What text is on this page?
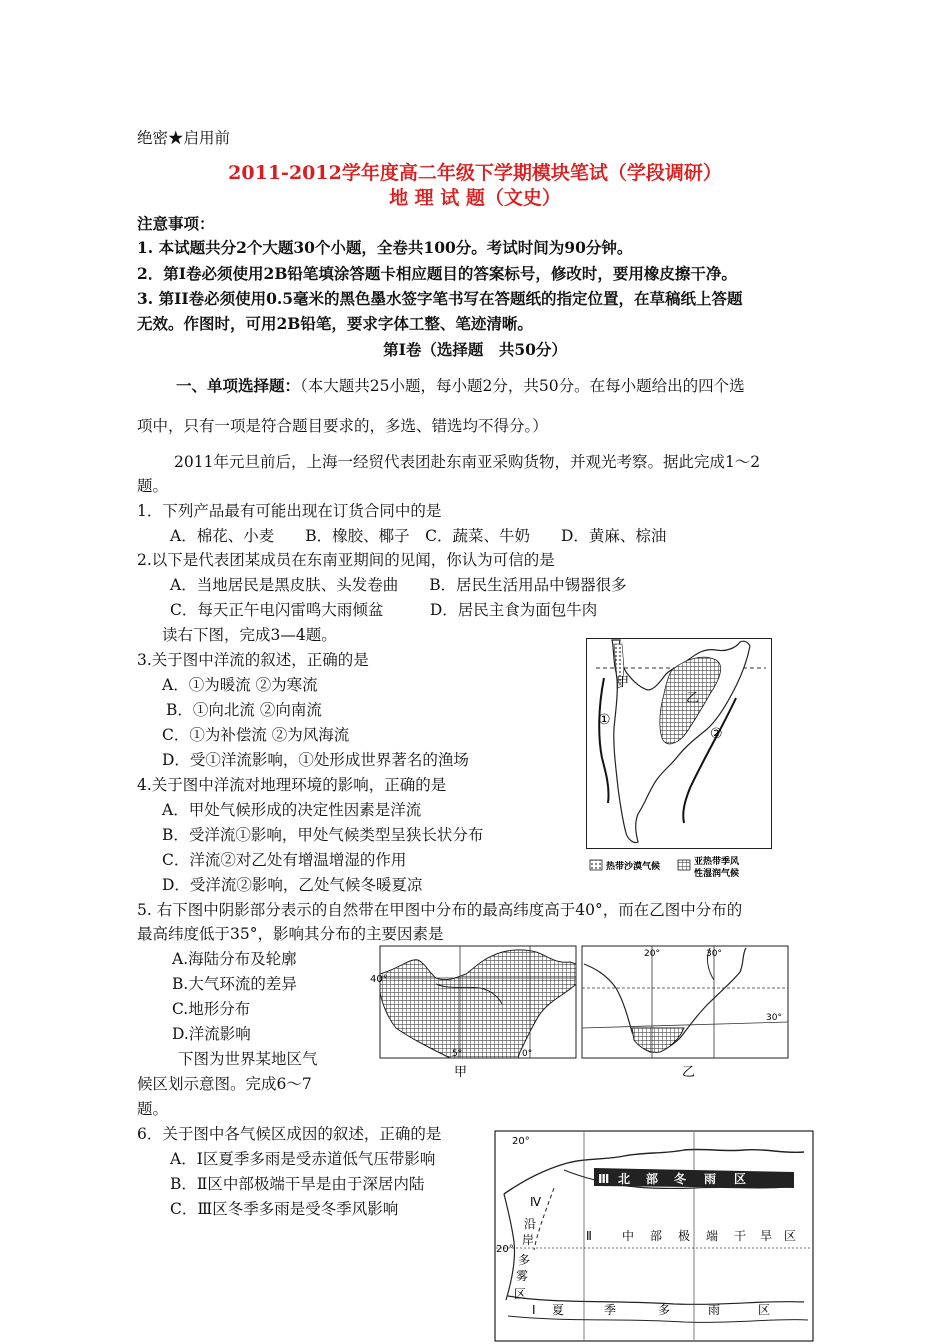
绝密★启用前
2011-2012学年度高二年级下学期模块笔试（学段调研）
地 理 试 题（文史）
注意事项：
1. 本试题共分2个大题30个小题，全卷共100分。考试时间为90分钟。
2．第Ⅰ卷必须使用2B铅笔填涂答题卡相应题目的答案标号，修改时，要用橡皮擦干净。
3. 第II卷必须使用0.5毫米的黑色墨水签字笔书写在答题纸的指定位置，在草稿纸上答题
无效。作图时，可用2B铅笔，要求字体工整、笔迹清晰。
第Ⅰ卷（选择题　共50分）
一、单项选择题：（本大题共25小题，每小题2分，共50分。在每小题给出的四个选
项中，只有一项是符合题目要求的，多选、错选均不得分。）
2011年元旦前后，上海一经贸代表团赴东南亚采购货物，并观光考察。据此完成1～2
题。
1．下列产品最有可能出现在订货合同中的是
A．棉花、小麦　　B．橡胶、椰子　C．蔬菜、牛奶　　D．黄麻、棕油
2.以下是代表团某成员在东南亚期间的见闻，你认为可信的是
A．当地居民是黑皮肤、头发卷曲　　B．居民生活用品中锡器很多
C．每天正午电闪雷鸣大雨倾盆　　　D．居民主食为面包牛肉
读右下图，完成3—4题。
3.关于图中洋流的叙述，正确的是
A．①为暖流 ②为寒流
B．①向北流 ②向南流
C．①为补偿流 ②为风海流
D．受①洋流影响，①处形成世界著名的渔场
4.关于图中洋流对地理环境的影响，正确的是
A．甲处气候形成的决定性因素是洋流
B．受洋流①影响，甲处气候类型呈狭长状分布
C．洋流②对乙处有增温增湿的作用
D．受洋流②影响，乙处气候冬暖夏凉
5. 右下图中阴影部分表示的自然带在甲图中分布的最高纬度高于40°，而在乙图中分布的
最高纬度低于35°，影响其分布的主要因素是
A.海陆分布及轮廓
B.大气环流的差异
C.地形分布
D.洋流影响
下图为世界某地区气
候区划示意图。完成6～7
题。
6．关于图中各气候区成因的叙述，正确的是
A．Ⅰ区夏季多雨是受赤道低气压带影响
B．Ⅱ区中部极端干旱是由于深居内陆
C．Ⅲ区冬季多雨是受冬季风影响
甲
乙
①
②
热带沙漠气候	亚热带季风
性湿润气候
40°
5°	0°
甲
20°	30°
30°
乙
Ⅲ 北 部 冬 雨 区
Ⅱ	中 部 极 端 干 旱 区
Ⅰ 夏	季	多	雨	区
Ⅳ
沿
岸
多
雾
区
20°
20°
